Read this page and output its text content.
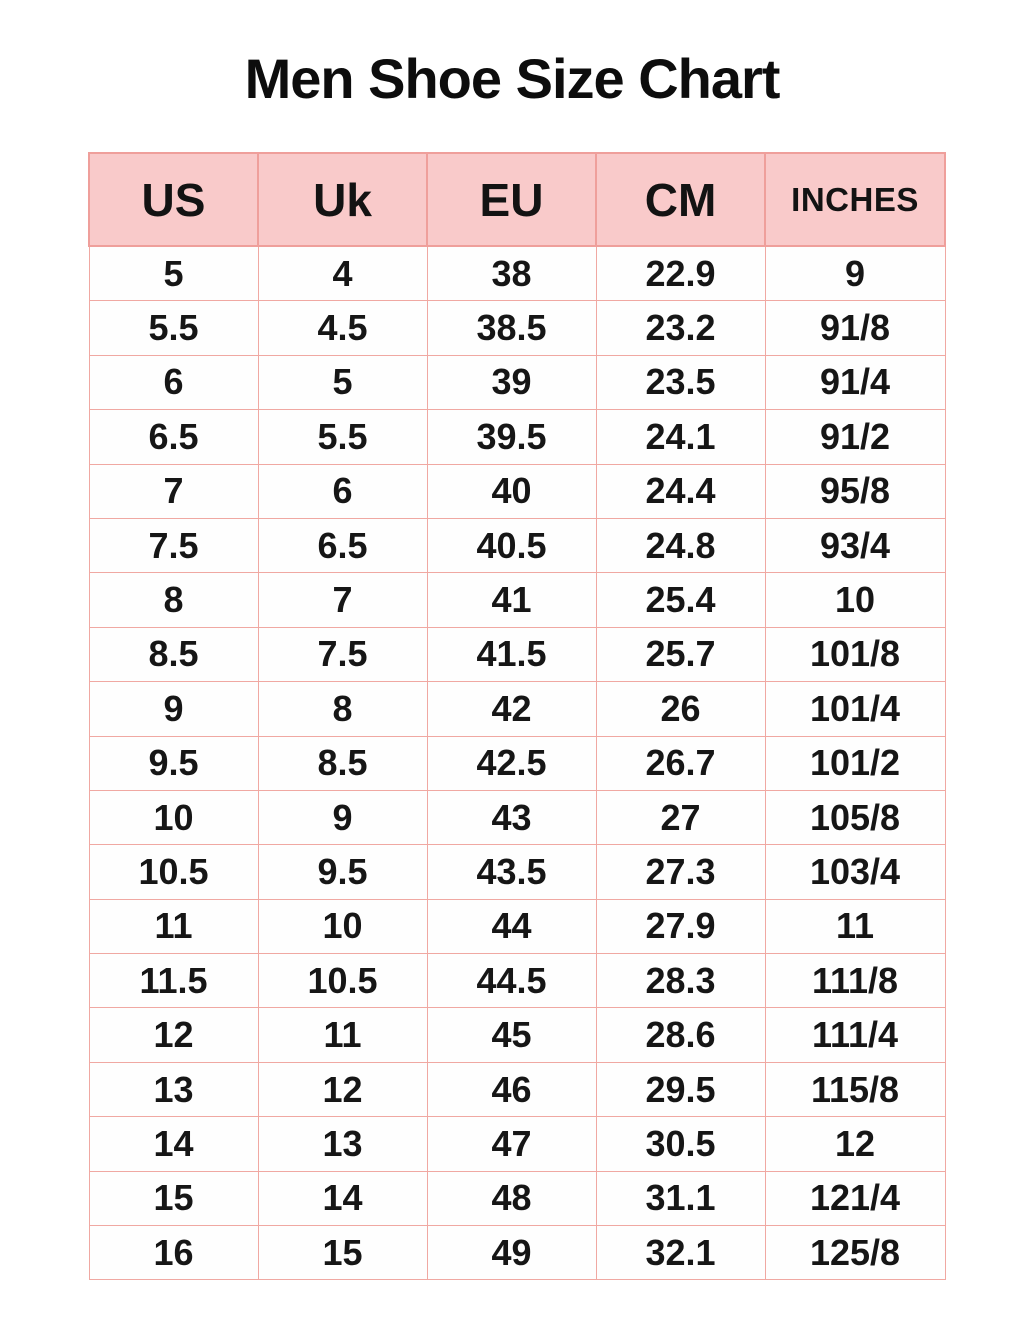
Men Shoe Size Chart
US	Uk	EU	CM	INCHES
5	4	38	22.9	9
5.5	4.5	38.5	23.2	91/8
6	5	39	23.5	91/4
6.5	5.5	39.5	24.1	91/2
7	6	40	24.4	95/8
7.5	6.5	40.5	24.8	93/4
8	7	41	25.4	10
8.5	7.5	41.5	25.7	101/8
9	8	42	26	101/4
9.5	8.5	42.5	26.7	101/2
10	9	43	27	105/8
10.5	9.5	43.5	27.3	103/4
11	10	44	27.9	11
11.5	10.5	44.5	28.3	111/8
12	11	45	28.6	111/4
13	12	46	29.5	115/8
14	13	47	30.5	12
15	14	48	31.1	121/4
16	15	49	32.1	125/8
